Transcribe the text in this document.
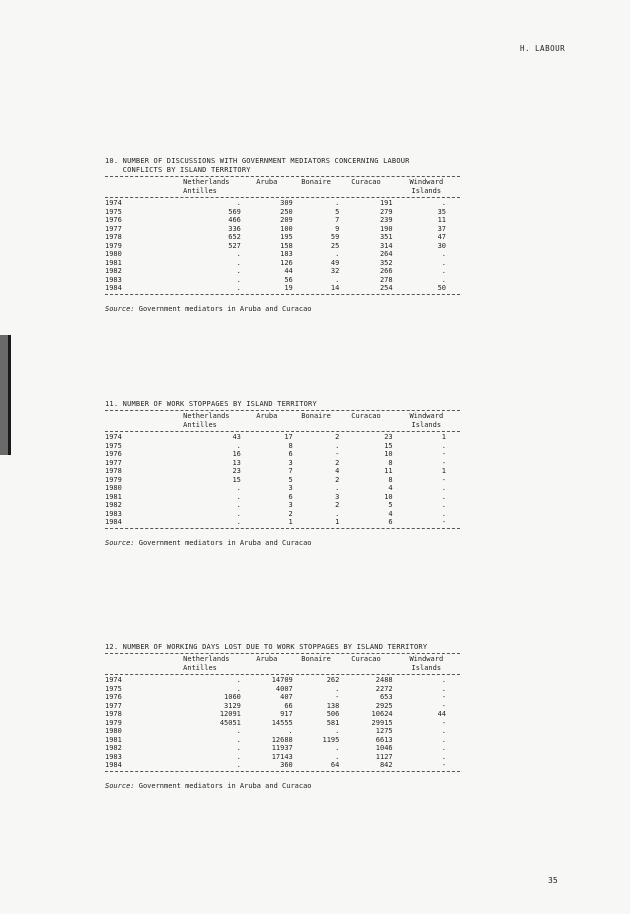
H. LABOUR
10. NUMBER OF DISCUSSIONS WITH GOVERNMENT MEDIATORS CONCERNING LABOUR
CONFLICTS BY ISLAND TERRITORY
	Netherlands	Aruba	Bonaire	Curacao	Windward
	Antilles				Islands

1974	.	309	.	191	.
1975	569	250	5	279	35
1976	466	209	7	239	11
1977	336	100	9	190	37
1978	652	195	59	351	47
1979	527	158	25	314	30
1980	.	183	.	264	.
1981	.	126	49	352	.
1982	.	44	32	266	.
1983	.	56	.	278	.
1984	.	19	14	254	50
Source: Government mediators in Aruba and Curacao
11. NUMBER OF WORK STOPPAGES BY ISLAND TERRITORY
	Netherlands	Aruba	Bonaire	Curacao	Windward
	Antilles				Islands

1974	43	17	2	23	1
1975	.	8	.	15	.
1976	16	6	-	10	-
1977	13	3	2	8	-
1978	23	7	4	11	1
1979	15	5	2	8	-
1980	.	3	.	4	.
1981	.	6	3	10	.
1982	.	3	2	5	.
1983	.	2	.	4	.
1984	.	1	1	6	-
Source: Government mediators in Aruba and Curacao
12. NUMBER OF WORKING DAYS LOST DUE TO WORK STOPPAGES BY ISLAND TERRITORY
	Netherlands	Aruba	Bonaire	Curacao	Windward
	Antilles				Islands

1974	.	14709	262	2488	.
1975	.	4007	.	2272	.
1976	1060	407	-	653	-
1977	3129	66	138	2925	-
1978	12091	917	506	10624	44
1979	45051	14555	581	29915	-
1980	.	.	.	1275	.
1981	.	12688	1195	6613	.
1982	.	11937	.	1046	.
1983	.	17143	.	1127	.
1984	.	360	64	842	-
Source: Government mediators in Aruba and Curacao
35
